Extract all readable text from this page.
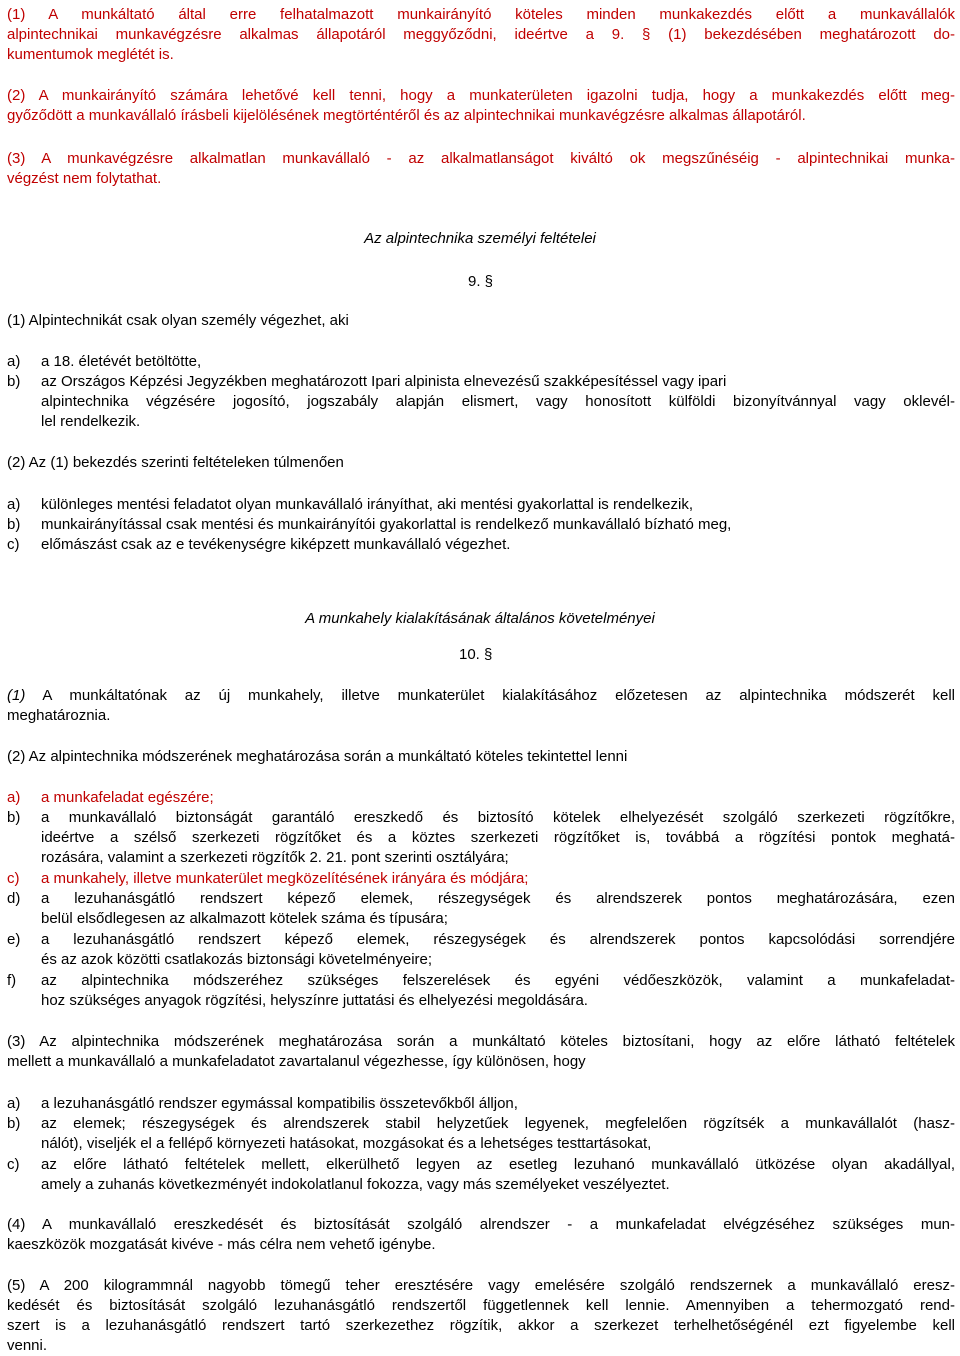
(1) A munkáltató által erre felhatalmazott munkairányító köteles minden munkakezdés előtt a munkavállalók
alpintechnikai munkavégzésre alkalmas állapotáról meggyőződni, ideértve a 9. § (1) bekezdésében meghatározott do-
kumentumok meglétét is.
(2) A munkairányító számára lehetővé kell tenni, hogy a munkaterületen igazolni tudja, hogy a munkakezdés előtt meg-
győződött a munkavállaló írásbeli kijelölésének megtörténtéről és az alpintechnikai munkavégzésre alkalmas állapotáról.
(3) A munkavégzésre alkalmatlan munkavállaló - az alkalmatlanságot kiváltó ok megszűnéséig - alpintechnikai munka-
végzést nem folytathat.
Az alpintechnika személyi feltételei
9. §
(1) Alpintechnikát csak olyan személy végezhet, aki
a)	a 18. életévét betöltötte,
b)	az Országos Képzési Jegyzékben meghatározott Ipari alpinista elnevezésű szakképesítéssel vagy ipari
alpintechnika végzésére jogosító, jogszabály alapján elismert, vagy honosított külföldi bizonyítvánnyal vagy oklevél-
lel rendelkezik.
(2) Az (1) bekezdés szerinti feltételeken túlmenően
a)	különleges mentési feladatot olyan munkavállaló irányíthat, aki mentési gyakorlattal is rendelkezik,
b)	munkairányítással csak mentési és munkairányítói gyakorlattal is rendelkező munkavállaló bízható meg,
c)	előmászást csak az e tevékenységre kiképzett munkavállaló végezhet.
A munkahely kialakításának általános követelményei
10. §
(1) A munkáltatónak az új munkahely, illetve munkaterület kialakításához előzetesen az alpintechnika módszerét kell
meghatároznia.
(2) Az alpintechnika módszerének meghatározása során a munkáltató köteles tekintettel lenni
a)	a munkafeladat egészére;
b)	a munkavállaló biztonságát garantáló ereszkedő és biztosító kötelek elhelyezését szolgáló szerkezeti rögzítőkre,
ideértve a szélső szerkezeti rögzítőket és a köztes szerkezeti rögzítőket is, továbbá a rögzítési pontok meghatá-
rozására, valamint a szerkezeti rögzítők 2. 21. pont szerinti osztályára;
c)	a munkahely, illetve munkaterület megközelítésének irányára és módjára;
d)	a lezuhanásgátló rendszert képező elemek, részegységek és alrendszerek pontos meghatározására, ezen
belül elsődlegesen az alkalmazott kötelek száma és típusára;
e)	a lezuhanásgátló rendszert képező elemek, részegységek és alrendszerek pontos kapcsolódási sorrendjére
és az azok közötti csatlakozás biztonsági követelményeire;
f)	az alpintechnika módszeréhez szükséges felszerelések és egyéni védőeszközök, valamint a munkafeladat-
hoz szükséges anyagok rögzítési, helyszínre juttatási és elhelyezési megoldására.
(3) Az alpintechnika módszerének meghatározása során a munkáltató köteles biztosítani, hogy az előre látható feltételek
mellett a munkavállaló a munkafeladatot zavartalanul végezhesse, így különösen, hogy
a)	a lezuhanásgátló rendszer egymással kompatibilis összetevőkből álljon,
b)	az elemek; részegységek és alrendszerek stabil helyzetűek legyenek, megfelelően rögzítsék a munkavállalót (hasz-
nálót), viseljék el a fellépő környezeti hatásokat, mozgásokat és a lehetséges testtartásokat,
c)	az előre látható feltételek mellett, elkerülhető legyen az esetleg lezuhanó munkavállaló ütközése olyan akadállyal,
amely a zuhanás következményét indokolatlanul fokozza, vagy más személyeket veszélyeztet.
(4) A munkavállaló ereszkedését és biztosítását szolgáló alrendszer - a munkafeladat elvégzéséhez szükséges mun-
kaeszközök mozgatását kivéve - más célra nem vehető igénybe.
(5) A 200 kilogrammnál nagyobb tömegű teher eresztésére vagy emelésére szolgáló rendszernek a munkavállaló eresz-
kedését és biztosítását szolgáló lezuhanásgátló rendszertől függetlennek kell lennie. Amennyiben a tehermozgató rend-
szert is a lezuhanásgátló rendszert tartó szerkezethez rögzítik, akkor a szerkezet terhelhetőségénél ezt figyelembe kell
venni.
